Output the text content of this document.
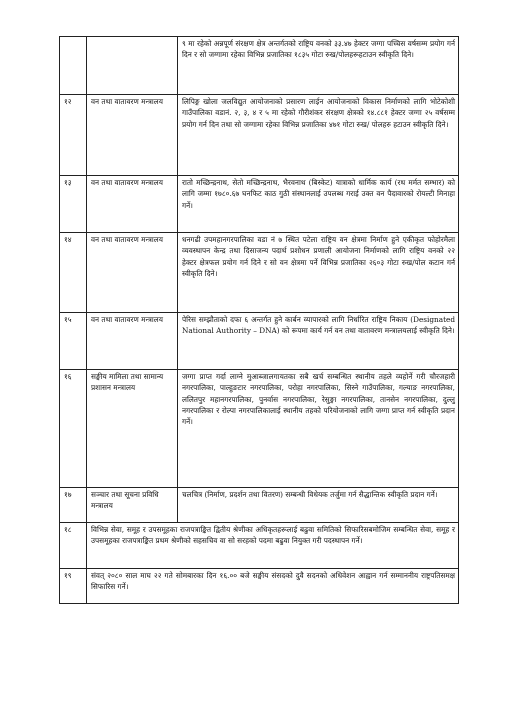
		९ मा रहेको अन्नपूर्ण संरक्षण क्षेत्र अन्तर्गतको राष्ट्रिय वनको ३३.४७ हेक्टर जग्गा पच्चिस वर्षसम्म प्रयोग गर्न दिन र सो जग्गामा रहेका विभिन्न प्रजातिका १८३५ गोटा रुख/पोलहरूहटाउन स्वीकृति दिने।
१२	वन तथा वातावरण मन्त्रालय	लिपिङ्ग खोला जलविद्युत आयोजनाको प्रसारण लाईन आयोजनाको विकास निर्माणको लागि भोटेकोशी गाउँपालिका वडानं. २, ३, ४ र ५ मा रहेको गौरीशंकर संरक्षण क्षेत्रको १४.८८१ हेक्टर जग्गा २५ वर्षसम्म प्रयोग गर्न दिन तथा सो जग्गामा रहेका विभिन्न प्रजातिका ४७१ गोटा रुख/ पोलहरु हटाउन स्वीकृति दिने।
१३	वन तथा वातावरण मन्त्रालय	रातो मच्छिन्द्रनाथ, सेतो मच्छिन्द्रनाथ, भैरवनाथ (बिस्केट) यात्राको धार्मिक कार्य (रथ मर्मत सम्भार) को लागि जम्मा १७८०.६७ घनफिट काठ गुठी संस्थानलाई उपलब्ध गराई उक्त वन पैदावारको रोयल्टी मिनाहा गर्ने।
१४	वन तथा वातावरण मन्त्रालय	धनगढी उपमहानगरपालिका वडा नं ७ स्थित पटेला राष्ट्रिय वन क्षेत्रमा निर्माण हुने एकीकृत फोहोरमैला व्यवस्थापन केन्द्र तथा दिसाजन्य पदार्थ प्रशोधन प्रणाली आयोजना निर्माणको लागि राष्ट्रिय वनको २२ हेक्टर क्षेत्रफल प्रयोग गर्न दिने र सो वन क्षेत्रमा पर्ने विभिन्न प्रजातिका २६०३ गोटा रुख/पोल कटान गर्न स्वीकृति दिने।
१५	वन तथा वातावरण मन्त्रालय	पेरिस सम्झौताको दफा ६ अन्तर्गत हुने कार्बन व्यापारको लागि निर्धारित राष्ट्रिय निकाय (Designated National Authority – DNA) को रूपमा कार्य गर्न वन तथा वातावरण मन्त्रालयलाई स्वीकृति दिने।
१६	सङ्घीय मामिला तथा सामान्य प्रशासन मन्त्रालय	जग्गा प्राप्त गर्दा लाग्ने मुआब्जालगायतका सबै खर्च सम्बन्धित स्थानीय तहले व्यहोर्ने गरी चौरजहारी नगरपालिका, पाल्हुङटार नगरपालिका, परोहा नगरपालिका, सिस्ने गाउँपालिका, गल्याङ नगरपालिका, ललितपुर महानगरपालिका, पुनर्वास नगरपालिका, रेसुङ्गा नगरपालिका, तानसेन नगरपालिका, दुल्लु नगरपालिका र रोल्पा नगरपालिकालाई स्थानीय तहको परियोजनाको लागि जग्गा प्राप्त गर्न स्वीकृति प्रदान गर्ने।
१७	सञ्चार तथा सूचना प्रविधि मन्त्रालय	चलचित्र (निर्माण, प्रदर्शन तथा वितरण) सम्बन्धी विधेयक तर्जुमा गर्न सैद्धान्तिक स्वीकृति प्रदान गर्ने।
१८	विभिन्न सेवा, समूह र उपसमूहका राजपत्राङ्कित द्वितीय श्रेणीका अधिकृतहरूलाई बढुवा समितिको सिफारिसबमोजिम सम्बन्धित सेवा, समूह र उपसमूहका राजपत्राङ्कित प्रथम श्रेणीको सहसचिव वा सो सरहको पदमा बढुवा नियुक्त गरी पदस्थापन गर्ने।	
१९	संवत् २०८० साल माघ २२ गते सोमबारका दिन १६.०० बजे सङ्घीय संसदको दुवै सदनको अधिवेशन आह्वान गर्न सम्माननीय राष्ट्रपतिसमक्ष सिफारिस गर्ने।	
